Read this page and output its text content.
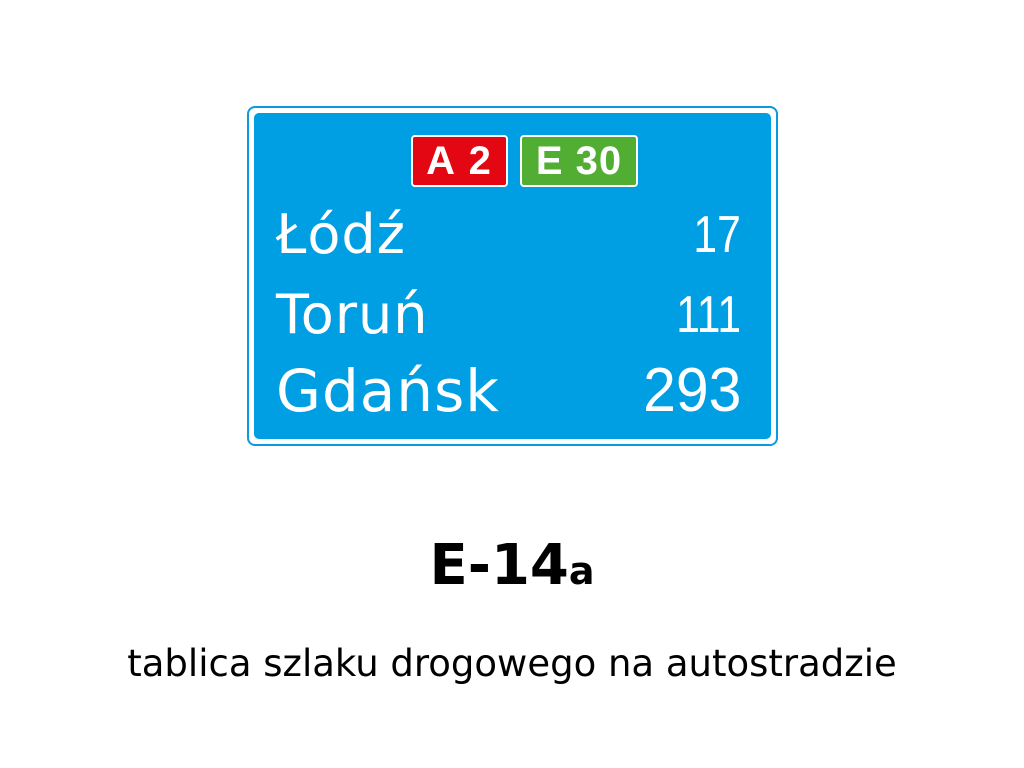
A 2	E 30
Łódź	17
Toruń	111
Gdańsk 293
E-14a
tablica szlaku drogowego na autostradzie
